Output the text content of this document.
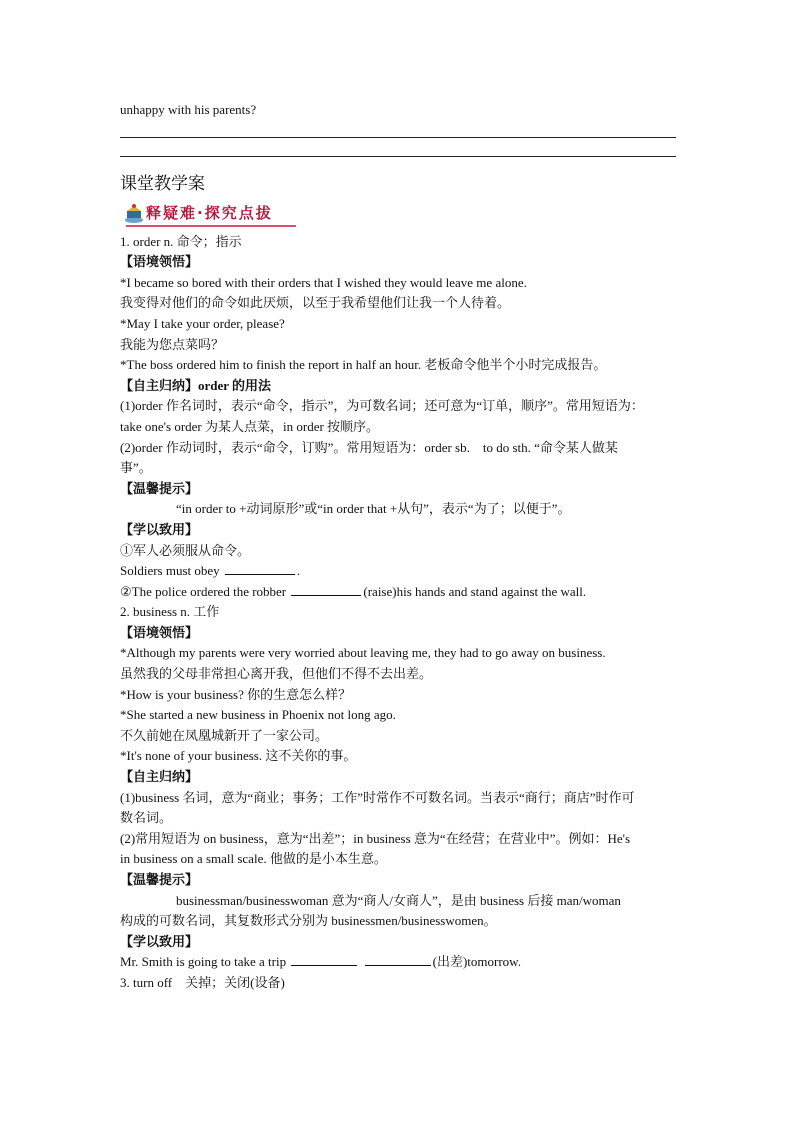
unhappy with his parents?
课堂教学案
释疑难·探究点拔
1. order n. 命令；指示
【语境领悟】
*I became so bored with their orders that I wished they would leave me alone.
我变得对他们的命令如此厌烦，以至于我希望他们让我一个人待着。
*May I take your order, please?
我能为您点菜吗？
*The boss ordered him to finish the report in half an hour. 老板命令他半个小时完成报告。
【自主归纳】order 的用法
(1)order 作名词时，表示“命令，指示”，为可数名词；还可意为“订单，顺序”。常用短语为：
take one's order 为某人点菜，in order 按顺序。
(2)order 作动词时，表示“命令，订购”。常用短语为：order sb.　to do sth. “命令某人做某
事”。
【温馨提示】
“in order to +动词原形”或“in order that +从句”，表示“为了；以便于”。
【学以致用】
①军人必须服从命令。
Soldiers must obey	.
②The police ordered the robber	(raise)his hands and stand against the wall.
2. business n. 工作
【语境领悟】
*Although my parents were very worried about leaving me, they had to go away on business.
虽然我的父母非常担心离开我，但他们不得不去出差。
*How is your business? 你的生意怎么样？
*She started a new business in Phoenix not long ago.
不久前她在凤凰城新开了一家公司。
*It's none of your business. 这不关你的事。
【自主归纳】
(1)business 名词，意为“商业；事务；工作”时常作不可数名词。当表示“商行；商店”时作可
数名词。
(2)常用短语为 on business，意为“出差”；in business 意为“在经营；在营业中”。例如：He's
in business on a small scale. 他做的是小本生意。
【温馨提示】
businessman/businesswoman 意为“商人/女商人”，是由 business 后接 man/woman
构成的可数名词，其复数形式分别为 businessmen/businesswomen。
【学以致用】
Mr. Smith is going to take a trip	(出差)tomorrow.
3. turn off　关掉；关闭(设备)
